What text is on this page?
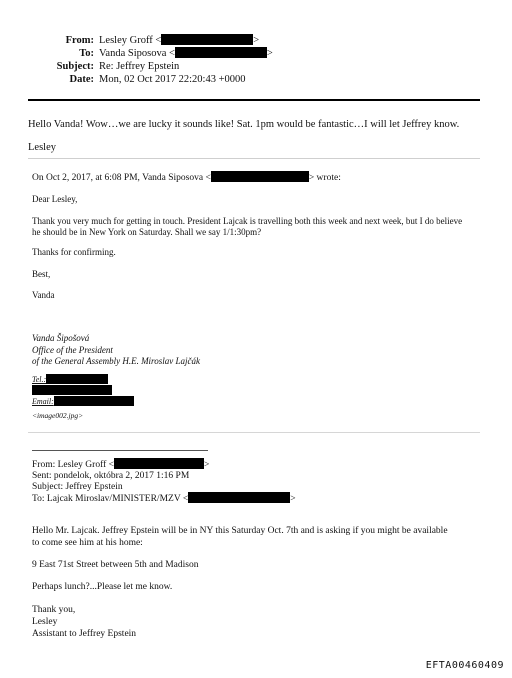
From: Lesley Groff <	>
To: Vanda Siposova <	>
Subject: Re: Jeffrey Epstein
Date: Mon, 02 Oct 2017 22:20:43 +0000
Hello Vanda! Wow…we are lucky it sounds like! Sat. 1pm would be fantastic…I will let Jeffrey know.
Lesley
On Oct 2, 2017, at 6:08 PM, Vanda Siposova <	> wrote:
Dear Lesley,
Thank you very much for getting in touch. President Lajcak is travelling both this week and next week, but I do believe
he should be in New York on Saturday. Shall we say 1/1:30pm?
Thanks for confirming.
Best,
Vanda
Vanda Šipošová
Office of the President
of the General Assembly H.E. Miroslav Lajčák
Tel.:
Email:
<image002.jpg>
From: Lesley Groff <	>
Sent: pondelok, októbra 2, 2017 1:16 PM
Subject: Jeffrey Epstein
To: Lajcak Miroslav/MINISTER/MZV <	>
Hello Mr. Lajcak. Jeffrey Epstein will be in NY this Saturday Oct. 7th and is asking if you might be available
to come see him at his home:
9 East 71st Street between 5th and Madison
Perhaps lunch?...Please let me know.
Thank you,
Lesley
Assistant to Jeffrey Epstein
EFTA00460409
